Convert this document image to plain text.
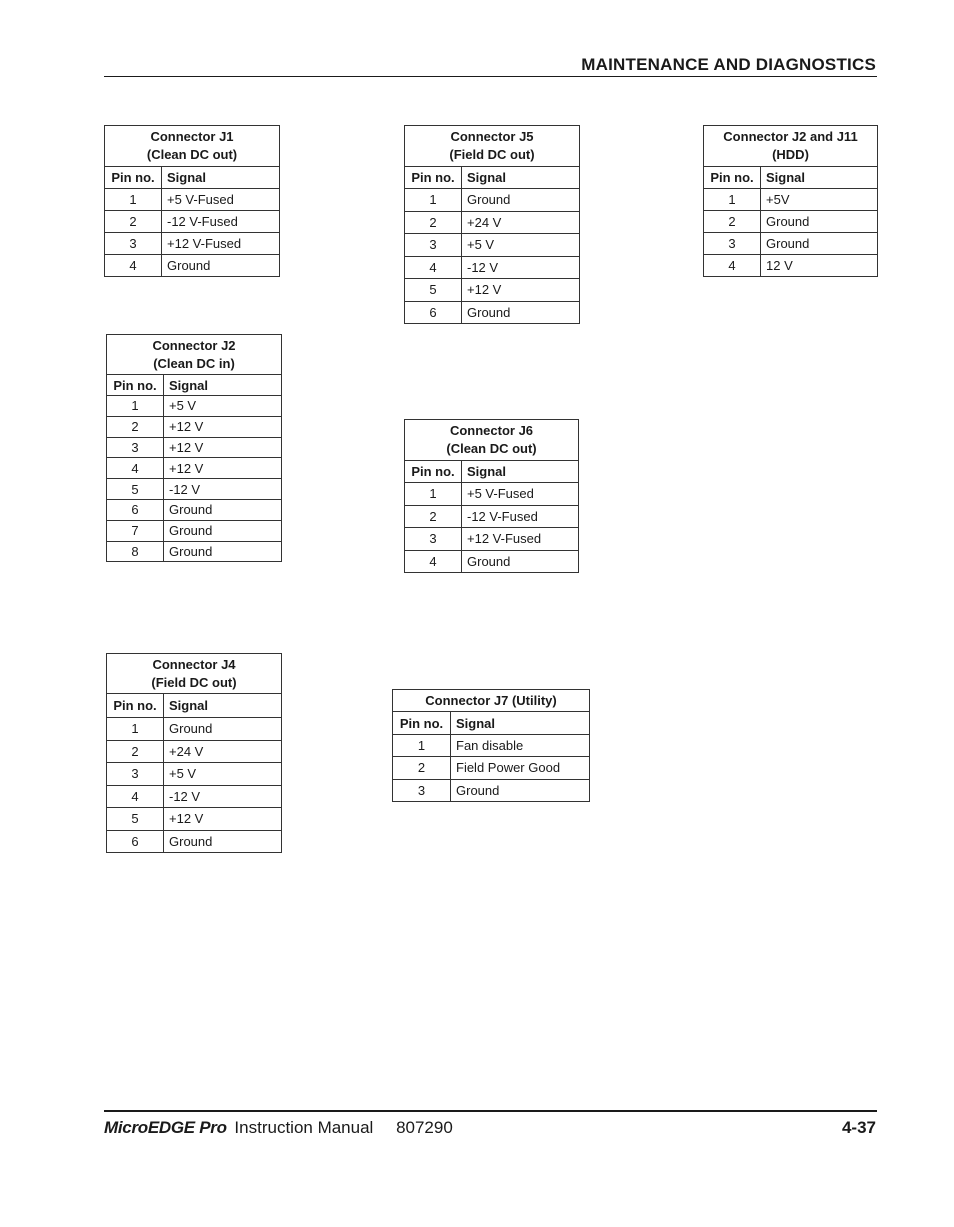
MAINTENANCE AND DIAGNOSTICS
Connector J1
(Clean DC out)	

Pin no.	Signal
1	+5 V-Fused
2	-12 V-Fused
3	+12 V-Fused
4	Ground
Connector J5
(Field DC out)	

Pin no.	Signal
1	Ground
2	+24 V
3	+5 V
4	-12 V
5	+12 V
6	Ground
Connector J2 and J11
(HDD)	

Pin no.	Signal
1	+5V
2	Ground
3	Ground
4	12 V
Connector J2
(Clean DC in)	

Pin no.	Signal
1	+5 V
2	+12 V
3	+12 V
4	+12 V
5	-12 V
6	Ground
7	Ground
8	Ground
Connector J6
(Clean DC out)	

Pin no.	Signal
1	+5 V-Fused
2	-12 V-Fused
3	+12 V-Fused
4	Ground
Connector J4
(Field DC out)	

Pin no.	Signal
1	Ground
2	+24 V
3	+5 V
4	-12 V
5	+12 V
6	Ground
Connector J7 (Utility)	

Pin no.	Signal
1	Fan disable
2	Field Power Good
3	Ground
MicroEDGE Pro Instruction Manual 807290	4-37
